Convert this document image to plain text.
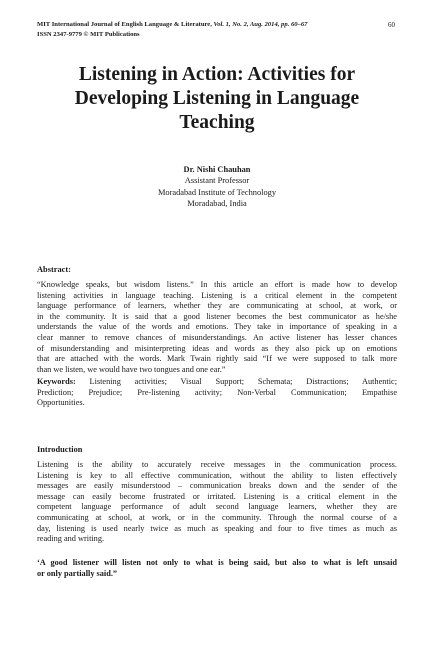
MIT International Journal of English Language & Literature, Vol. 1, No. 2, Aug. 2014, pp. 60–67	60
ISSN 2347-9779 © MIT Publications
Listening in Action: Activities for
Developing Listening in Language
Teaching
Dr. Nishi Chauhan
Assistant Professor
Moradabad Institute of Technology
Moradabad, India
Abstract:
“Knowledge speaks, but wisdom listens.” In this article an effort is made how to develop
listening activities in language teaching. Listening is a critical element in the competent
language performance of learners, whether they are communicating at school, at work, or
in the community. It is said that a good listener becomes the best communicator as he/she
understands the value of the words and emotions. They take in importance of speaking in a
clear manner to remove chances of misunderstandings. An active listener has lesser chances
of misunderstanding and misinterpreting ideas and words as they also pick up on emotions
that are attached with the words. Mark Twain rightly said “If we were supposed to talk more
than we listen, we would have two tongues and one ear.”
Keywords: Listening activities; Visual Support; Schemata; Distractions; Authentic;
Prediction; Prejudice; Pre-listening activity; Non-Verbal Communication; Empathise
Opportunities.
Introduction
Listening is the ability to accurately receive messages in the communication process.
Listening is key to all effective communication, without the ability to listen effectively
messages are easily misunderstood – communication breaks down and the sender of the
message can easily become frustrated or irritated. Listening is a critical element in the
competent language performance of adult second language learners, whether they are
communicating at school, at work, or in the community. Through the normal course of a
day, listening is used nearly twice as much as speaking and four to five times as much as
reading and writing.
‘A good listener will listen not only to what is being said, but also to what is left unsaid
or only partially said.”
